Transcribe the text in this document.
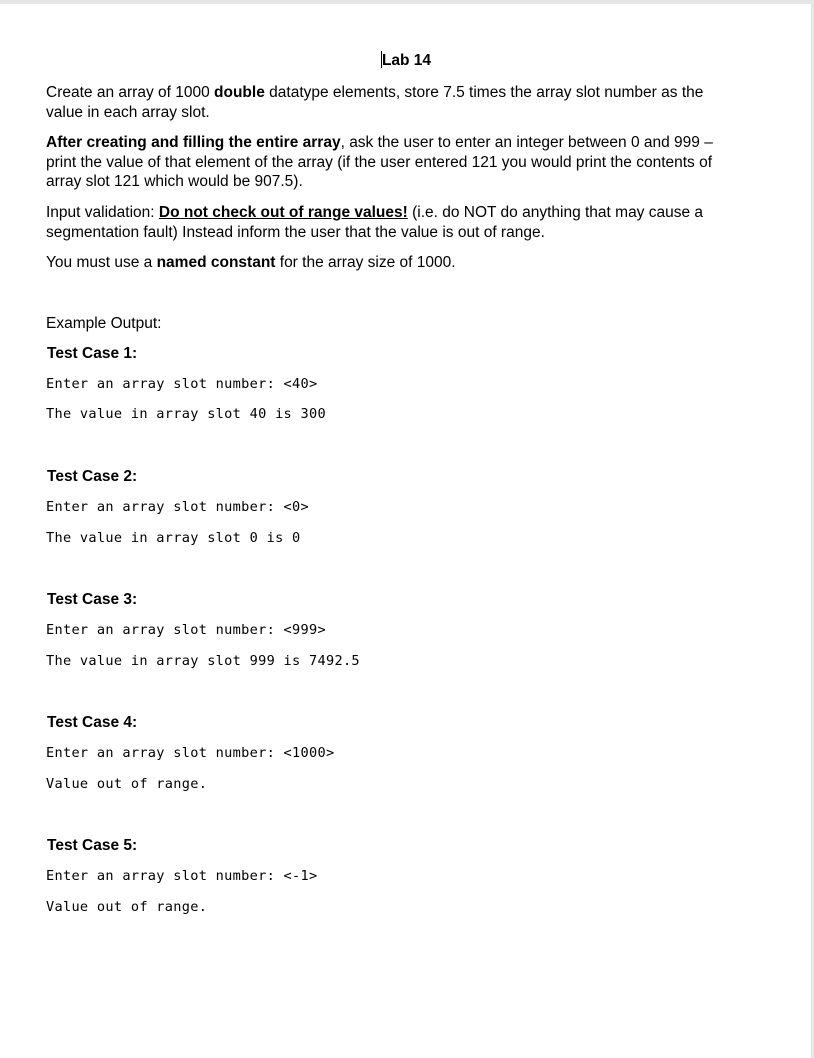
Lab 14
Create an array of 1000 double datatype elements, store 7.5 times the array slot number as the value in each array slot.
After creating and filling the entire array, ask the user to enter an integer between 0 and 999 – print the value of that element of the array (if the user entered 121 you would print the contents of array slot 121 which would be 907.5).
Input validation: Do not check out of range values! (i.e. do NOT do anything that may cause a segmentation fault) Instead inform the user that the value is out of range.
You must use a named constant for the array size of 1000.
Example Output:
Test Case 1:
Enter an array slot number: <40>
The value in array slot 40 is 300
Test Case 2:
Enter an array slot number: <0>
The value in array slot 0 is 0
Test Case 3:
Enter an array slot number: <999>
The value in array slot 999 is 7492.5
Test Case 4:
Enter an array slot number: <1000>
Value out of range.
Test Case 5:
Enter an array slot number: <-1>
Value out of range.
